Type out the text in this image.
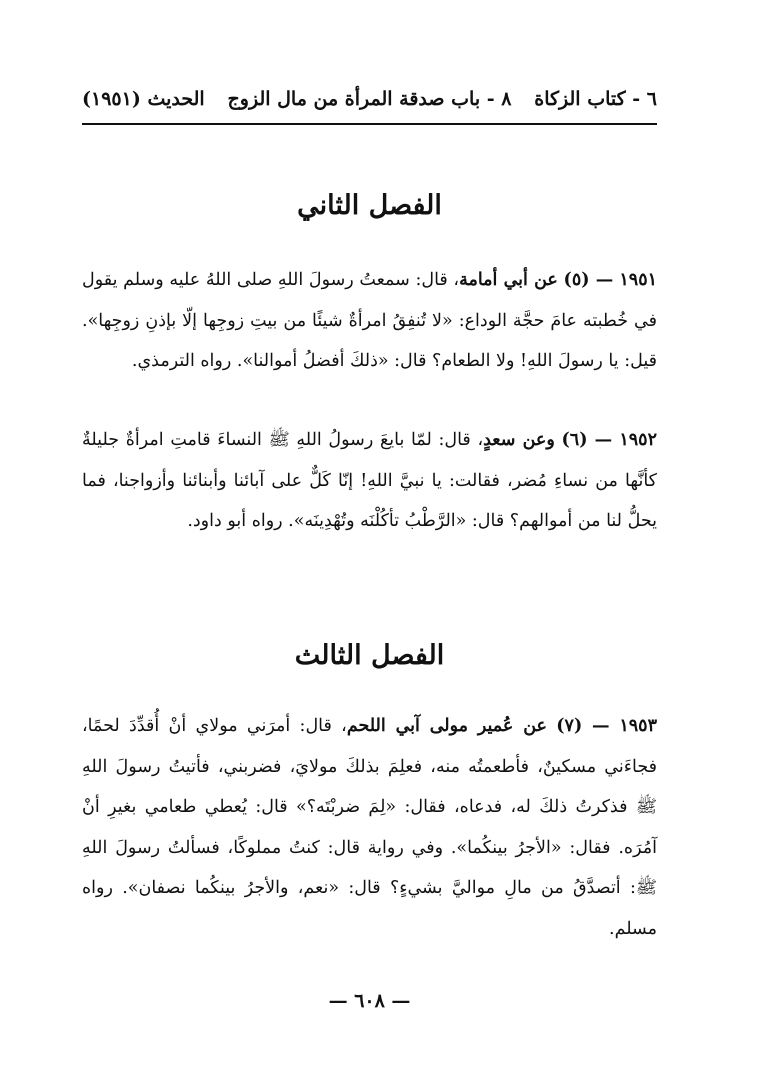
٦ - كتاب الزكاة
٨ - باب صدقة المرأة من مال الزوج
الحديث (١٩٥١)
الفصل الثاني
١٩٥١ — (٥) عن أبي أمامة، قال: سمعتُ رسولَ اللهِ صلى اللهُ عليه وسلم يقول في خُطبته عامَ حجَّة الوداع: «لا تُنفِقُ امرأةٌ شيئًا من بيتِ زوجِها إلّا بإذنِ زوجِها». قيل: يا رسولَ اللهِ! ولا الطعام؟ قال: «ذلكَ أفضلُ أموالنا». رواه الترمذي.
١٩٥٢ — (٦) وعن سعدٍ، قال: لمّا بايعَ رسولُ اللهِ ﷺ النساءَ قامتِ امرأةٌ جليلةٌ كأنَّها من نساءِ مُضر، فقالت: يا نبيَّ اللهِ! إنّا كَلٌّ على آبائنا وأبنائنا وأزواجنا، فما يحلُّ لنا من أموالهم؟ قال: «الرَّطْبُ تأكُلْنَه وتُهْدِينَه». رواه أبو داود.
الفصل الثالث
١٩٥٣ — (٧) عن عُمير مولى آبي اللحم، قال: أمرَني مولاي أنْ أُقدِّدَ لحمًا، فجاءَني مسكينٌ، فأطعمتُه منه، فعلِمَ بذلكَ مولايَ، فضربني، فأتيتُ رسولَ اللهِ ﷺ فذكرتُ ذلكَ له، فدعاه، فقال: «لِمَ ضربْتَه؟» قال: يُعطي طعامي بغيرِ أنْ آمُرَه. فقال: «الأجرُ بينكُما». وفي رواية قال: كنتُ مملوكًا، فسألتُ رسولَ اللهِ ﷺ: أتصدَّقُ من مالِ مواليَّ بشيءٍ؟ قال: «نعم، والأجرُ بينكُما نصفان». رواه مسلم.
— ٦٠٨ —
